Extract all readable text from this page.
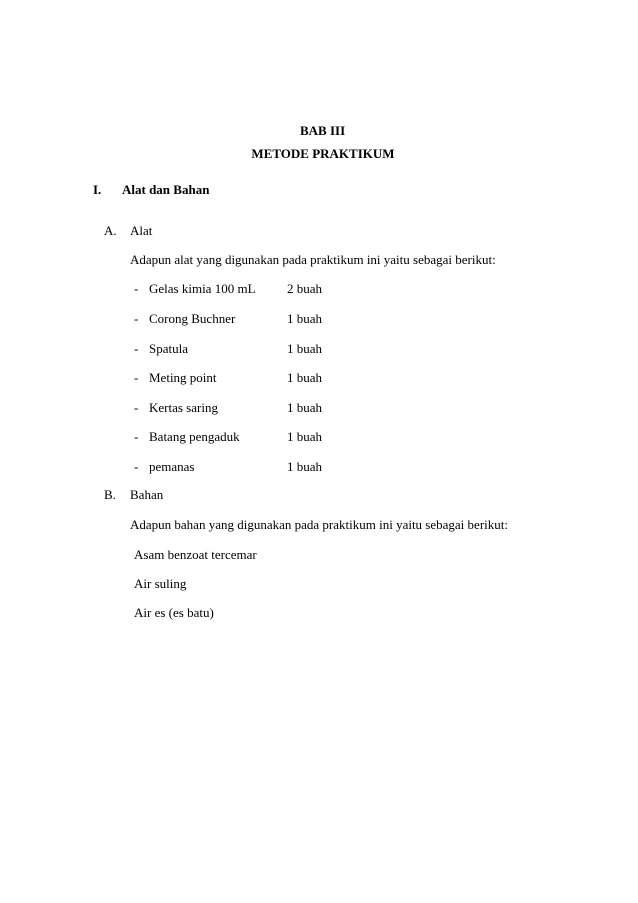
BAB III
METODE PRAKTIKUM
I. Alat dan Bahan
A. Alat
Adapun alat yang digunakan pada praktikum ini yaitu sebagai berikut:
- Gelas kimia 100 mL 2 buah
- Corong Buchner	1 buah
- Spatula	1 buah
- Meting point	1 buah
- Kertas saring	1 buah
- Batang pengaduk	1 buah
- pemanas	1 buah
B. Bahan
Adapun bahan yang digunakan pada praktikum ini yaitu sebagai berikut:
Asam benzoat tercemar
Air suling
Air es (es batu)
